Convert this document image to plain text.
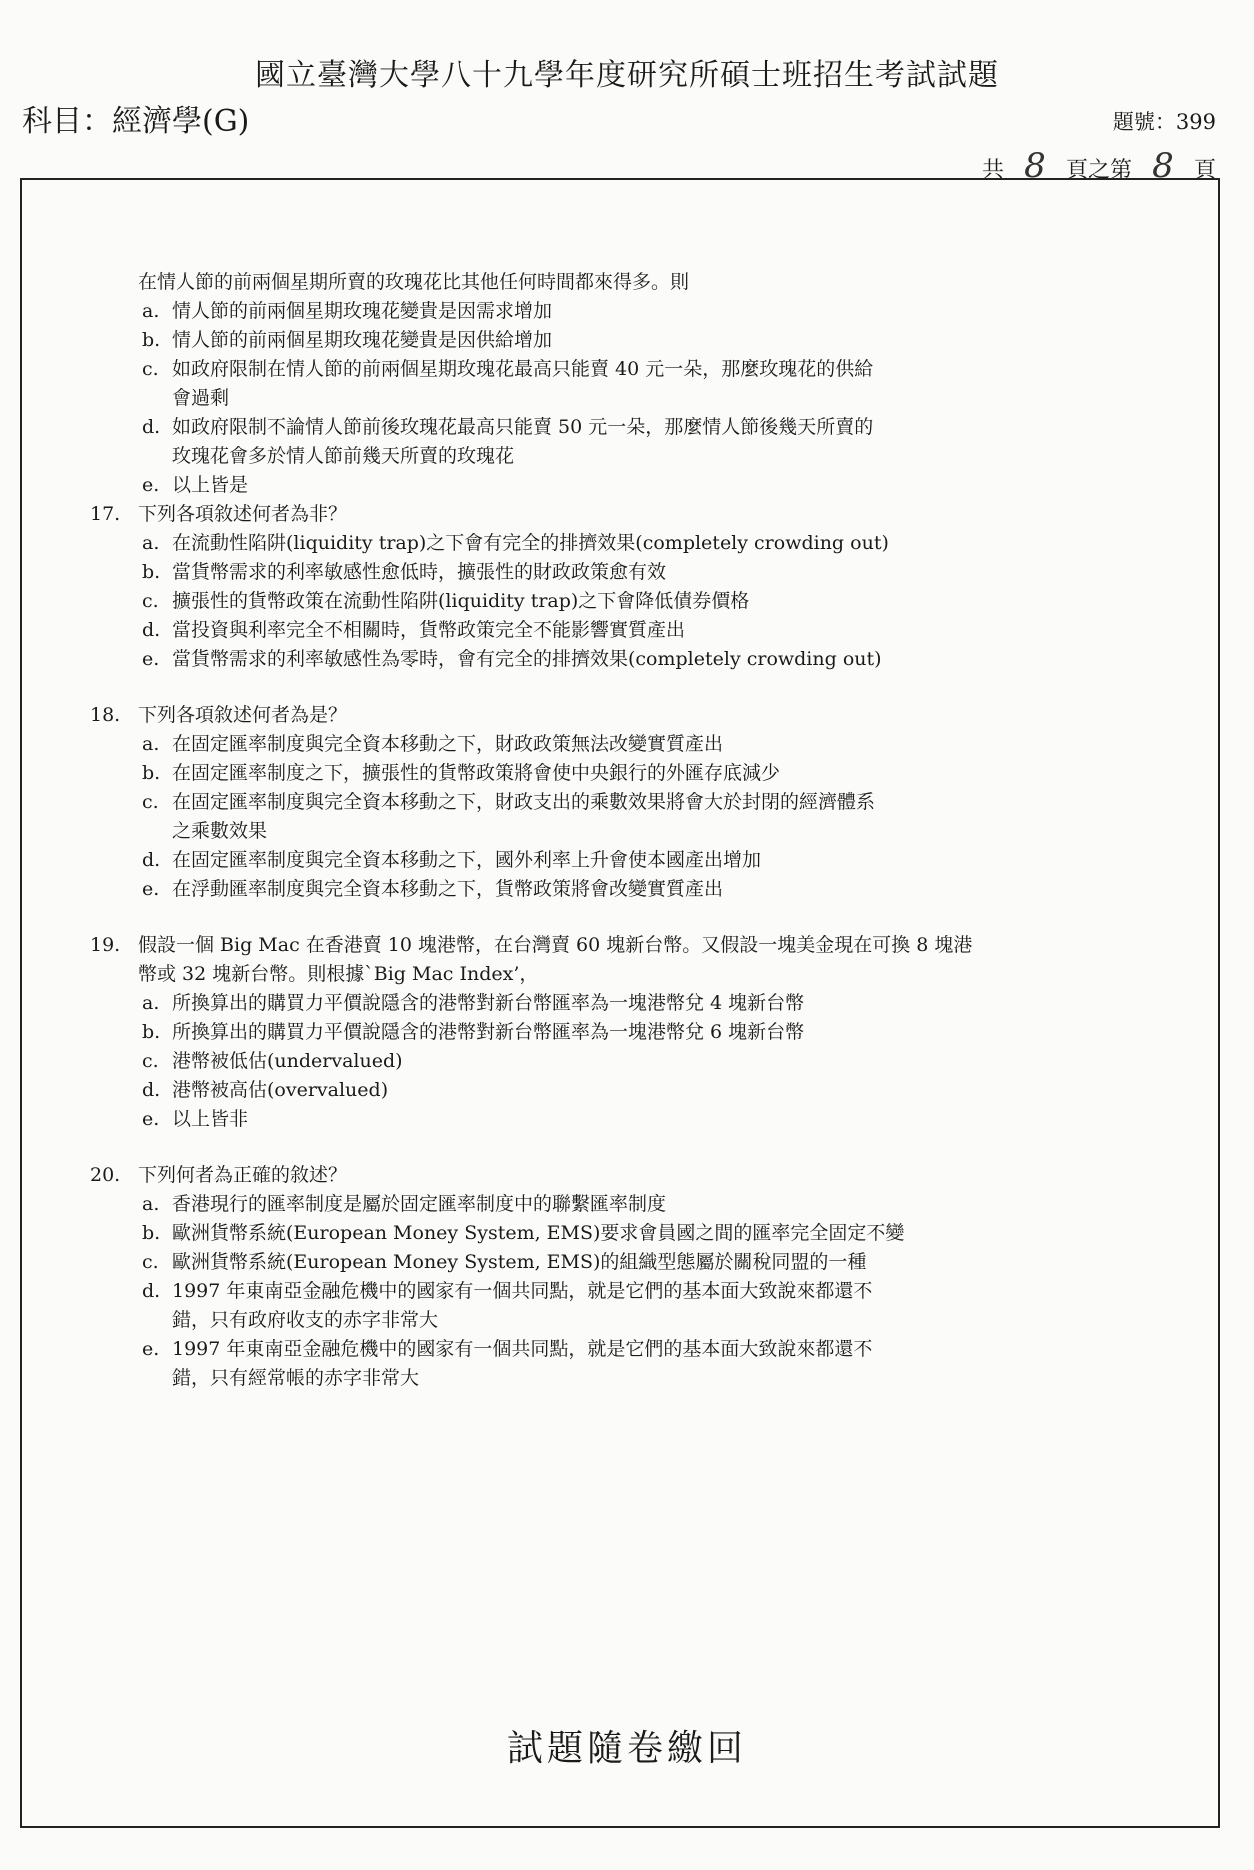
國立臺灣大學八十九學年度研究所碩士班招生考試試題
科目：經濟學(G)	題號：399
共 8 頁之第 8 頁
在情人節的前兩個星期所賣的玫瑰花比其他任何時間都來得多。則
a. 情人節的前兩個星期玫瑰花變貴是因需求增加
b. 情人節的前兩個星期玫瑰花變貴是因供給增加
c. 如政府限制在情人節的前兩個星期玫瑰花最高只能賣 40 元一朵，那麼玫瑰花的供給
會過剩
d. 如政府限制不論情人節前後玫瑰花最高只能賣 50 元一朵，那麼情人節後幾天所賣的
玫瑰花會多於情人節前幾天所賣的玫瑰花
e. 以上皆是
17. 下列各項敘述何者為非？
a. 在流動性陷阱(liquidity trap)之下會有完全的排擠效果(completely crowding out)
b. 當貨幣需求的利率敏感性愈低時，擴張性的財政政策愈有效
c. 擴張性的貨幣政策在流動性陷阱(liquidity trap)之下會降低債券價格
d. 當投資與利率完全不相關時，貨幣政策完全不能影響實質產出
e. 當貨幣需求的利率敏感性為零時，會有完全的排擠效果(completely crowding out)
18. 下列各項敘述何者為是？
a. 在固定匯率制度與完全資本移動之下，財政政策無法改變實質產出
b. 在固定匯率制度之下，擴張性的貨幣政策將會使中央銀行的外匯存底減少
c. 在固定匯率制度與完全資本移動之下，財政支出的乘數效果將會大於封閉的經濟體系
之乘數效果
d. 在固定匯率制度與完全資本移動之下，國外利率上升會使本國產出增加
e. 在浮動匯率制度與完全資本移動之下，貨幣政策將會改變實質產出
19. 假設一個 Big Mac 在香港賣 10 塊港幣，在台灣賣 60 塊新台幣。又假設一塊美金現在可換 8 塊港
幣或 32 塊新台幣。則根據`Big Mac Index’，
a. 所換算出的購買力平價說隱含的港幣對新台幣匯率為一塊港幣兌 4 塊新台幣
b. 所換算出的購買力平價說隱含的港幣對新台幣匯率為一塊港幣兌 6 塊新台幣
c. 港幣被低估(undervalued)
d. 港幣被高估(overvalued)
e. 以上皆非
20. 下列何者為正確的敘述？
a. 香港現行的匯率制度是屬於固定匯率制度中的聯繫匯率制度
b. 歐洲貨幣系統(European Money System, EMS)要求會員國之間的匯率完全固定不變
c. 歐洲貨幣系統(European Money System, EMS)的組織型態屬於關稅同盟的一種
d. 1997 年東南亞金融危機中的國家有一個共同點，就是它們的基本面大致說來都還不
錯，只有政府收支的赤字非常大
e. 1997 年東南亞金融危機中的國家有一個共同點，就是它們的基本面大致說來都還不
錯，只有經常帳的赤字非常大
試題隨卷繳回
